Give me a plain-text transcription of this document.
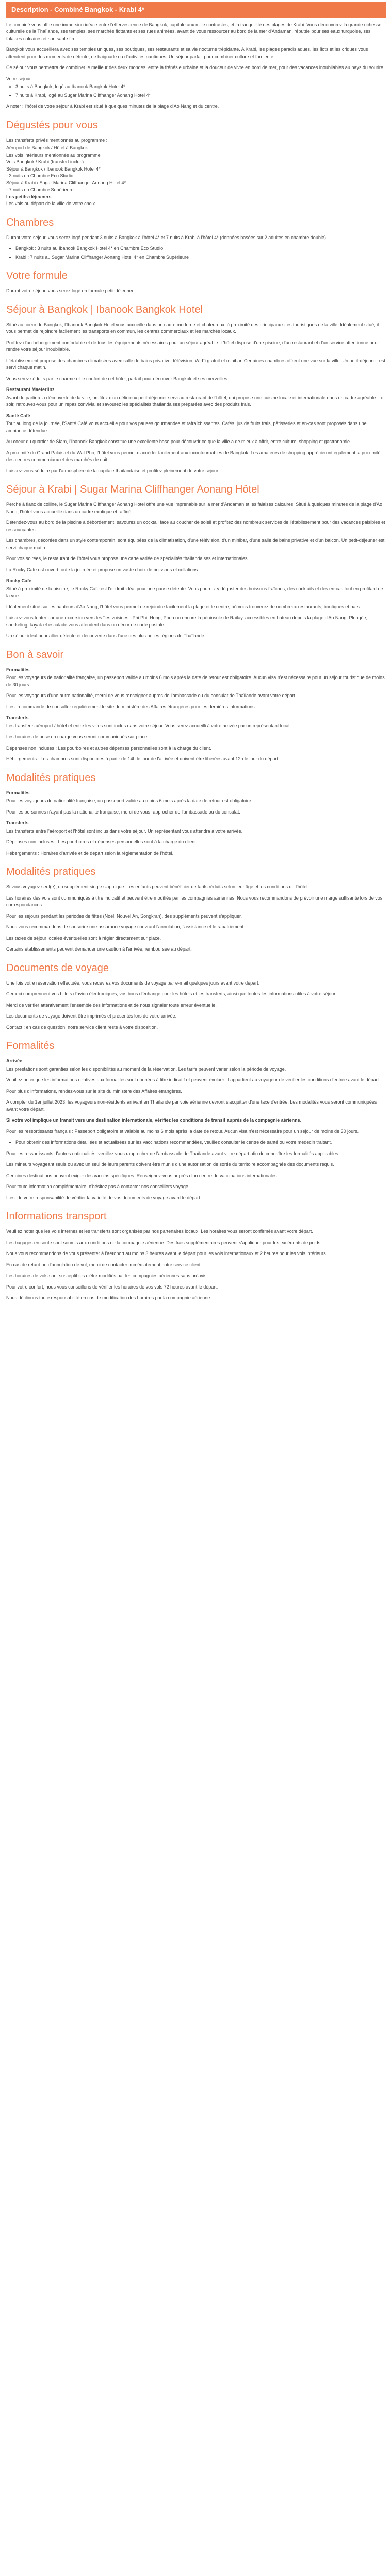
Description - Combiné Bangkok - Krabi 4*

Le combiné vous offre une immersion idéale entre l'effervescence de Bangkok, capitale aux mille contrastes, et la tranquillité des plages de Krabi. Vous découvrirez la grande richesse culturelle de la Thaïlande, ses temples, ses marchés flottants et ses rues animées, avant de vous ressourcer au bord de la mer d'Andaman, réputée pour ses eaux turquoise, ses falaises calcaires et son sable fin.

Bangkok vous accueillera avec ses temples uniques, ses boutiques, ses restaurants et sa vie nocturne trépidante. A Krabi, les plages paradisiaques, les îlots et les criques vous attendent pour des moments de détente, de baignade ou d'activités nautiques. Un séjour parfait pour combiner culture et farniente.

Ce séjour vous permettra de combiner le meilleur des deux mondes, entre la frénésie urbaine et la douceur de vivre en bord de mer, pour des vacances inoubliables au pays du sourire.

Votre séjour :

• 3 nuits à Bangkok, logé au Ibanook Bangkok Hotel 4*
• 7 nuits à Krabi, logé au Sugar Marina Cliffhanger Aonang Hotel 4*

A noter : l'hôtel de votre séjour à Krabi est situé à quelques minutes de la plage d'Ao Nang et du centre.

Dégustés pour vous

Les transferts privés mentionnés au programme :

Aéroport de Bangkok / Hôtel à Bangkok
Les vols intérieurs mentionnés au programme
Vols Bangkok / Krabi (transfert inclus)
Séjour à Bangkok / Ibanook Bangkok Hotel 4*
- 3 nuits en Chambre Eco Studio
Séjour à Krabi / Sugar Marina Cliffhanger Aonang Hotel 4*
- 7 nuits en Chambre Supérieure
Les petits-déjeuners
Les vols au départ de la ville de votre choix
Chambres

Durant votre séjour, vous serez logé pendant 3 nuits à Bangkok à l'hôtel 4* et 7 nuits à Krabi à l'hôtel 4* (données basées sur 2 adultes en chambre double).

• Bangkok : 3 nuits au Ibanook Bangkok Hotel 4* en Chambre Eco Studio
• Krabi : 7 nuits au Sugar Marina Cliffhanger Aonang Hotel 4* en Chambre Supérieure
Votre formule

Durant votre séjour, vous serez logé en formule petit-déjeuner.

Séjour à Bangkok | Ibanook Bangkok Hotel

Situé au coeur de Bangkok, l'Ibanook Bangkok Hotel vous accueille dans un cadre moderne et chaleureux, à proximité des principaux sites touristiques de la ville. Idéalement situé, il vous permet de rejoindre facilement les transports en commun, les centres commerciaux et les marchés locaux.

Profitez d'un hébergement confortable et de tous les équipements nécessaires pour un séjour agréable. L'hôtel dispose d'une piscine, d'un restaurant et d'un service attentionné pour rendre votre séjour inoubliable.

L'établissement propose des chambres climatisées avec salle de bains privative, télévision, Wi-Fi gratuit et minibar. Certaines chambres offrent une vue sur la ville. Un petit-déjeuner est servi chaque matin.

Vous serez séduits par le charme et le confort de cet hôtel, parfait pour découvrir Bangkok et ses merveilles.

Restaurant Maeterlinz

Avant de partir à la découverte de la ville, profitez d'un délicieux petit-déjeuner servi au restaurant de l'hôtel, qui propose une cuisine locale et internationale dans un cadre agréable. Le soir, retrouvez-vous pour un repas convivial et savourez les spécialités thaïlandaises préparées avec des produits frais.

Santé Café

Tout au long de la journée, l'Santé Café vous accueille pour vos pauses gourmandes et rafraîchissantes. Cafés, jus de fruits frais, pâtisseries et en-cas sont proposés dans une ambiance détendue.

Au coeur du quartier de Siam, l'Ibanook Bangkok constitue une excellente base pour découvrir ce que la ville a de mieux à offrir, entre culture, shopping et gastronomie.

A proximité du Grand Palais et du Wat Pho, l'hôtel vous permet d'accéder facilement aux incontournables de Bangkok. Les amateurs de shopping apprécieront également la proximité des centres commerciaux et des marchés de nuit.

Laissez-vous séduire par l'atmosphère de la capitale thaïlandaise et profitez pleinement de votre séjour.

Séjour à Krabi | Sugar Marina Cliffhanger Aonang Hôtel

Perché à flanc de colline, le Sugar Marina Cliffhanger Aonang Hotel offre une vue imprenable sur la mer d'Andaman et les falaises calcaires. Situé à quelques minutes de la plage d'Ao Nang, l'hôtel vous accueille dans un cadre exotique et raffiné.

Détendez-vous au bord de la piscine à débordement, savourez un cocktail face au coucher de soleil et profitez des nombreux services de l'établissement pour des vacances paisibles et ressourçantes.

Les chambres, décorées dans un style contemporain, sont équipées de la climatisation, d'une télévision, d'un minibar, d'une salle de bains privative et d'un balcon. Un petit-déjeuner est servi chaque matin.

Pour vos soirées, le restaurant de l'hôtel vous propose une carte variée de spécialités thaïlandaises et internationales.

La Rocky Cafe est ouvert toute la journée et propose un vaste choix de boissons et collations.

Rocky Cafe

Situé à proximité de la piscine, le Rocky Cafe est l'endroit idéal pour une pause détente. Vous pourrez y déguster des boissons fraîches, des cocktails et des en-cas tout en profitant de la vue.

Idéalement situé sur les hauteurs d'Ao Nang, l'hôtel vous permet de rejoindre facilement la plage et le centre, où vous trouverez de nombreux restaurants, boutiques et bars.

Laissez-vous tenter par une excursion vers les îles voisines : Phi Phi, Hong, Poda ou encore la péninsule de Railay, accessibles en bateau depuis la plage d'Ao Nang. Plongée, snorkeling, kayak et escalade vous attendent dans un décor de carte postale.

Un séjour idéal pour allier détente et découverte dans l'une des plus belles régions de Thaïlande.

Bon à savoir

Formalités

Pour les voyageurs de nationalité française, un passeport valide au moins 6 mois après la date de retour est obligatoire. Aucun visa n'est nécessaire pour un séjour touristique de moins de 30 jours.

Pour les voyageurs d'une autre nationalité, merci de vous renseigner auprès de l'ambassade ou du consulat de Thaïlande avant votre départ.

Il est recommandé de consulter régulièrement le site du ministère des Affaires étrangères pour les dernières informations.

Transferts

Les transferts aéroport / hôtel et entre les villes sont inclus dans votre séjour. Vous serez accueilli à votre arrivée par un représentant local.

Les horaires de prise en charge vous seront communiqués sur place.

Dépenses non incluses : Les pourboires et autres dépenses personnelles sont à la charge du client.

Hébergements : Les chambres sont disponibles à partir de 14h le jour de l'arrivée et doivent être libérées avant 12h le jour du départ.

Modalités pratiques

Formalités

Pour les voyageurs de nationalité française, un passeport valide au moins 6 mois après la date de retour est obligatoire.

Pour les personnes n'ayant pas la nationalité française, merci de vous rapprocher de l'ambassade ou du consulat.

Transferts

Les transferts entre l'aéroport et l'hôtel sont inclus dans votre séjour. Un représentant vous attendra à votre arrivée.

Dépenses non incluses : Les pourboires et dépenses personnelles sont à la charge du client.

Hébergements : Horaires d'arrivée et de départ selon la réglementation de l'hôtel.

Modalités pratiques

Si vous voyagez seul(e), un supplément single s'applique. Les enfants peuvent bénéficier de tarifs réduits selon leur âge et les conditions de l'hôtel.

Les horaires des vols sont communiqués à titre indicatif et peuvent être modifiés par les compagnies aériennes. Nous vous recommandons de prévoir une marge suffisante lors de vos correspondances.

Pour les séjours pendant les périodes de fêtes (Noël, Nouvel An, Songkran), des suppléments peuvent s'appliquer.

Nous vous recommandons de souscrire une assurance voyage couvrant l'annulation, l'assistance et le rapatriement.

Les taxes de séjour locales éventuelles sont à régler directement sur place.

Certains établissements peuvent demander une caution à l'arrivée, remboursée au départ.

Documents de voyage

Une fois votre réservation effectuée, vous recevrez vos documents de voyage par e-mail quelques jours avant votre départ.

Ceux-ci comprennent vos billets d'avion électroniques, vos bons d'échange pour les hôtels et les transferts, ainsi que toutes les informations utiles à votre séjour.

Merci de vérifier attentivement l'ensemble des informations et de nous signaler toute erreur éventuelle.

Les documents de voyage doivent être imprimés et présentés lors de votre arrivée.

Contact : en cas de question, notre service client reste à votre disposition.

Formalités

Arrivée

Les prestations sont garanties selon les disponibilités au moment de la réservation. Les tarifs peuvent varier selon la période de voyage.

Veuillez noter que les informations relatives aux formalités sont données à titre indicatif et peuvent évoluer. Il appartient au voyageur de vérifier les conditions d'entrée avant le départ.

Pour plus d'informations, rendez-vous sur le site du ministère des Affaires étrangères.

A compter du 1er juillet 2023, les voyageurs non-résidents arrivant en Thaïlande par voie aérienne devront s'acquitter d'une taxe d'entrée. Les modalités vous seront communiquées avant votre départ.

Si votre vol implique un transit vers une destination internationale, vérifiez les conditions de transit auprès de la compagnie aérienne.

Pour les ressortissants français : Passeport obligatoire et valable au moins 6 mois après la date de retour. Aucun visa n'est nécessaire pour un séjour de moins de 30 jours.

• Pour obtenir des informations détaillées et actualisées sur les vaccinations recommandées, veuillez consulter le centre de santé ou votre médecin traitant.

Pour les ressortissants d'autres nationalités, veuillez vous rapprocher de l'ambassade de Thaïlande avant votre départ afin de connaître les formalités applicables.

Les mineurs voyageant seuls ou avec un seul de leurs parents doivent être munis d'une autorisation de sortie du territoire accompagnée des documents requis.

Certaines destinations peuvent exiger des vaccins spécifiques. Renseignez-vous auprès d'un centre de vaccinations internationales.

Pour toute information complémentaire, n'hésitez pas à contacter nos conseillers voyage.

Il est de votre responsabilité de vérifier la validité de vos documents de voyage avant le départ.

Informations transport

Veuillez noter que les vols internes et les transferts sont organisés par nos partenaires locaux. Les horaires vous seront confirmés avant votre départ.

Les bagages en soute sont soumis aux conditions de la compagnie aérienne. Des frais supplémentaires peuvent s'appliquer pour les excédents de poids.

Nous vous recommandons de vous présenter à l'aéroport au moins 3 heures avant le départ pour les vols internationaux et 2 heures pour les vols intérieurs.

En cas de retard ou d'annulation de vol, merci de contacter immédiatement notre service client.

Les horaires de vols sont susceptibles d'être modifiés par les compagnies aériennes sans préavis.

Pour votre confort, nous vous conseillons de vérifier les horaires de vos vols 72 heures avant le départ.

Nous déclinons toute responsabilité en cas de modification des horaires par la compagnie aérienne.
